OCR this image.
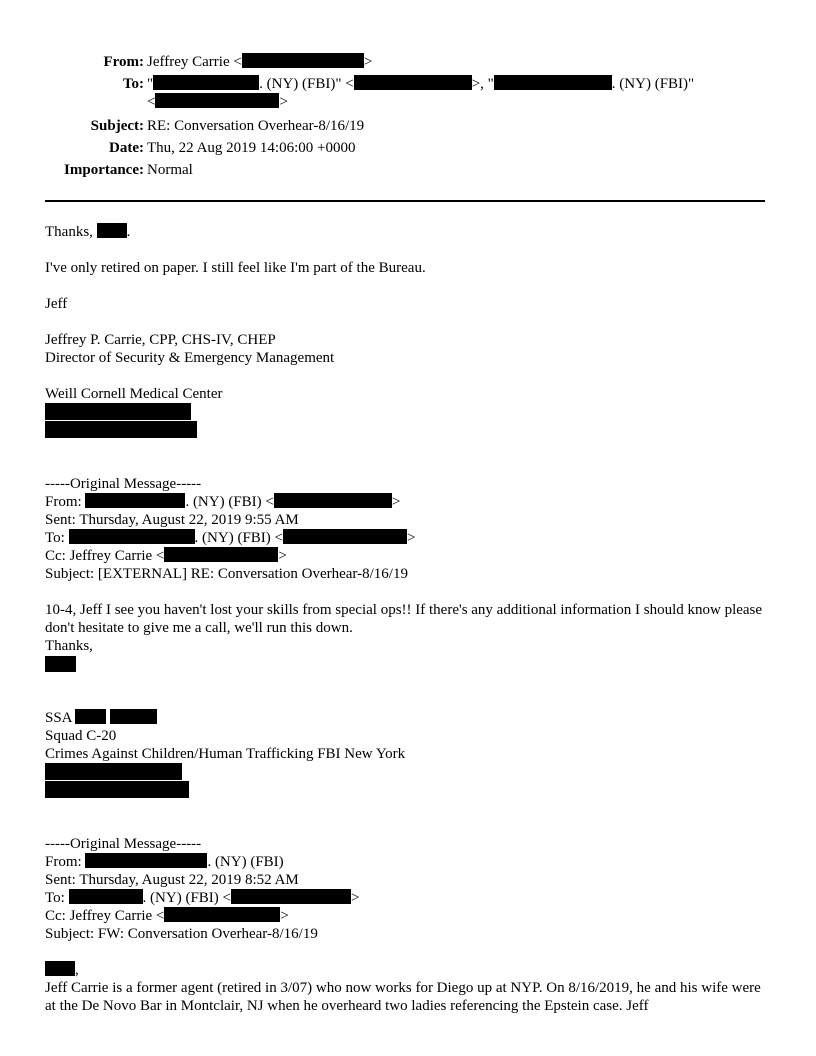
From: Jeffrey Carrie <	>
To: "	. (NY) (FBI)" <	>, "	. (NY) (FBI)"
<	>
Subject: RE: Conversation Overhear-8/16/19
Date: Thu, 22 Aug 2019 14:06:00 +0000
Importance: Normal
Thanks, .
I've only retired on paper. I still feel like I'm part of the Bureau.
Jeff
Jeffrey P. Carrie, CPP, CHS-IV, CHEP
Director of Security & Emergency Management
Weill Cornell Medical Center
-----Original Message-----
From:	. (NY) (FBI) <	>
Sent: Thursday, August 22, 2019 9:55 AM
To:	. (NY) (FBI) <	>
Cc: Jeffrey Carrie <	>
Subject: [EXTERNAL] RE: Conversation Overhear-8/16/19
10-4, Jeff I see you haven't lost your skills from special ops!! If there's any additional information I should know please don't hesitate to give me a call, we'll run this down.
Thanks,
SSA
Squad C-20
Crimes Against Children/Human Trafficking FBI New York
-----Original Message-----
From:	. (NY) (FBI)
Sent: Thursday, August 22, 2019 8:52 AM
To:	. (NY) (FBI) <	>
Cc: Jeffrey Carrie <	>
Subject: FW: Conversation Overhear-8/16/19
,
Jeff Carrie is a former agent (retired in 3/07) who now works for Diego up at NYP. On 8/16/2019, he and his wife were at the De Novo Bar in Montclair, NJ when he overheard two ladies referencing the Epstein case. Jeff
